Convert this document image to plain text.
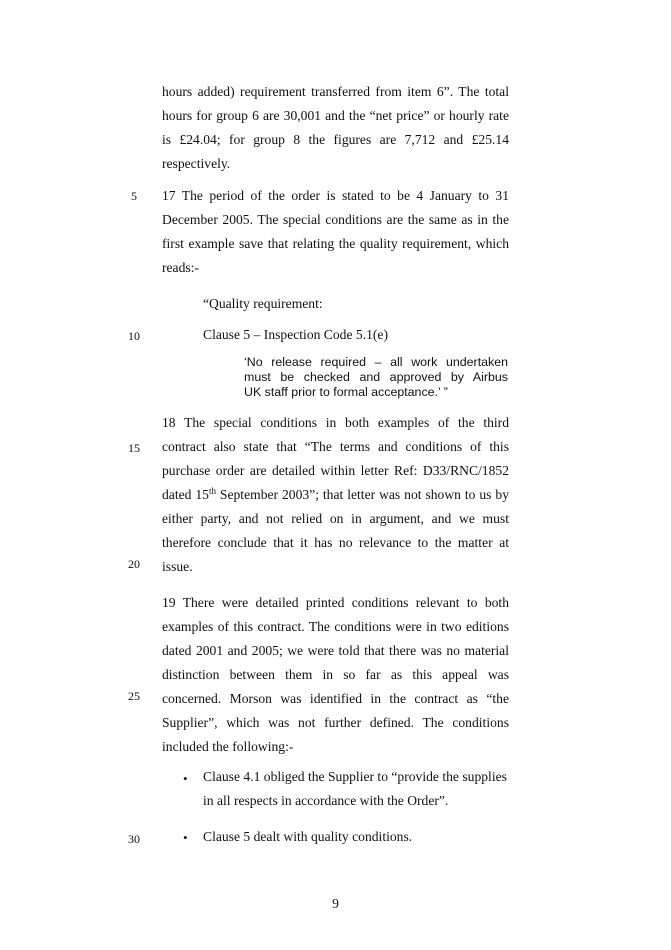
hours added) requirement transferred from item 6”. The total
hours for group 6 are 30,001 and the “net price” or hourly rate
is £24.04; for group 8 the figures are 7,712 and £25.14
respectively.
5	17 The period of the order is stated to be 4 January to 31
December 2005. The special conditions are the same as in the
first example save that relating the quality requirement, which
reads:-
“Quality requirement:
10	Clause 5 – Inspection Code 5.1(e)
‘No release required – all work undertaken
must be checked and approved by Airbus
UK staff prior to formal acceptance.’ ”
15
18 The special conditions in both examples of the third
contract also state that “The terms and conditions of this
purchase order are detailed within letter Ref: D33/RNC/1852
dated 15th September 2003”; that letter was not shown to us by
either party, and not relied on in argument, and we must
therefore conclude that it has no relevance to the matter at
issue.
20
19 There were detailed printed conditions relevant to both
examples of this contract. The conditions were in two editions
dated 2001 and 2005; we were told that there was no material
distinction between them in so far as this appeal was
concerned. Morson was identified in the contract as “the
Supplier”, which was not further defined. The conditions
included the following:-
25
• Clause 4.1 obliged the Supplier to “provide the supplies
in all respects in accordance with the Order”.
30	• Clause 5 dealt with quality conditions.
9
